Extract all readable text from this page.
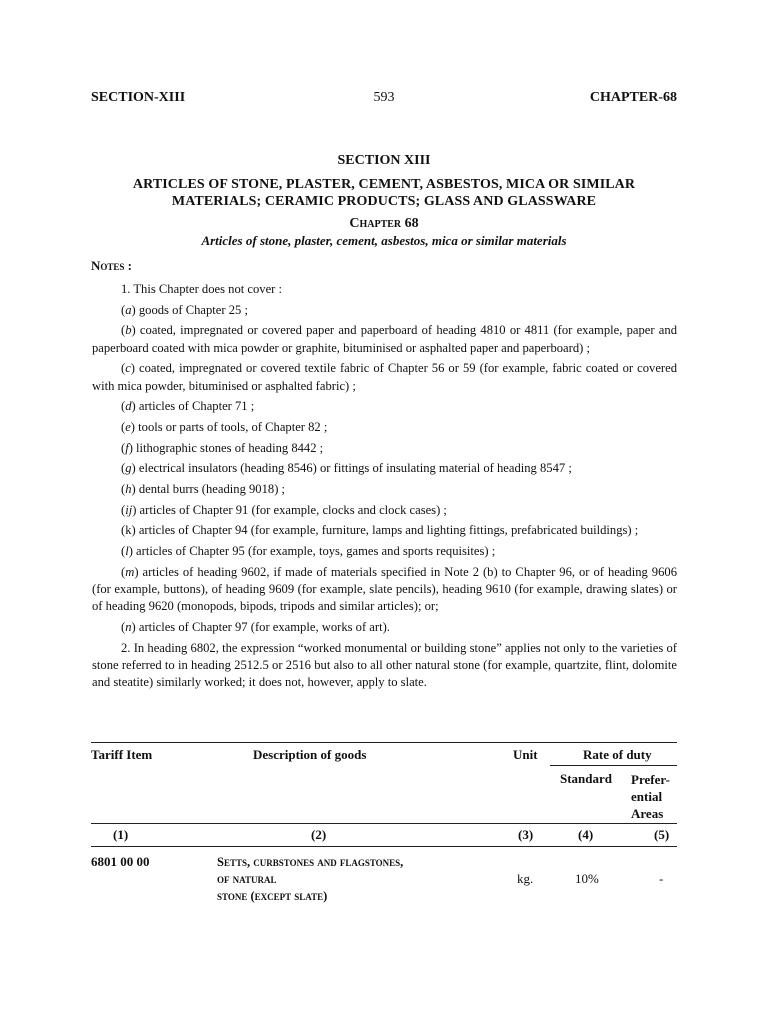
SECTION-XIII	593	CHAPTER-68
SECTION XIII
ARTICLES OF STONE, PLASTER, CEMENT, ASBESTOS, MICA OR SIMILAR MATERIALS; CERAMIC PRODUCTS; GLASS AND GLASSWARE
Chapter 68
Articles of stone, plaster, cement, asbestos, mica or similar materials
Notes :

1. This Chapter does not cover :

(a) goods of Chapter 25 ;

(b) coated, impregnated or covered paper and paperboard of heading 4810 or 4811 (for example, paper and paperboard coated with mica powder or graphite, bituminised or asphalted paper and paperboard) ;

(c) coated, impregnated or covered textile fabric of Chapter 56 or 59 (for example, fabric coated or covered with mica powder, bituminised or asphalted fabric) ;

(d) articles of Chapter 71 ;

(e) tools or parts of tools, of Chapter 82 ;

(f) lithographic stones of heading 8442 ;

(g) electrical insulators (heading 8546) or fittings of insulating material of heading 8547 ;

(h) dental burrs (heading 9018) ;

(ij) articles of Chapter 91 (for example, clocks and clock cases) ;

(k) articles of Chapter 94 (for example, furniture, lamps and lighting fittings, prefabricated buildings) ;

(l) articles of Chapter 95 (for example, toys, games and sports requisites) ;

(m) articles of heading 9602, if made of materials specified in Note 2 (b) to Chapter 96, or of heading 9606 (for example, buttons), of heading 9609 (for example, slate pencils), heading 9610 (for example, drawing slates) or of heading 9620 (monopods, bipods, tripods and similar articles); or;

(n) articles of Chapter 97 (for example, works of art).

2. In heading 6802, the expression “worked monumental or building stone” applies not only to the varieties of stone referred to in heading 2512.5 or 2516 but also to all other natural stone (for example, quartzite, flint, dolomite and steatite) similarly worked; it does not, however, apply to slate.

Tariff Item	Description of goods	Unit	Rate of duty
Standard Prefer-
ential
Areas
(1)	(2)	(3)	(4)	(5)
6801 00 00	Setts, curbstones and flagstones,
of natural
stone (except slate)
kg.	10%	-
